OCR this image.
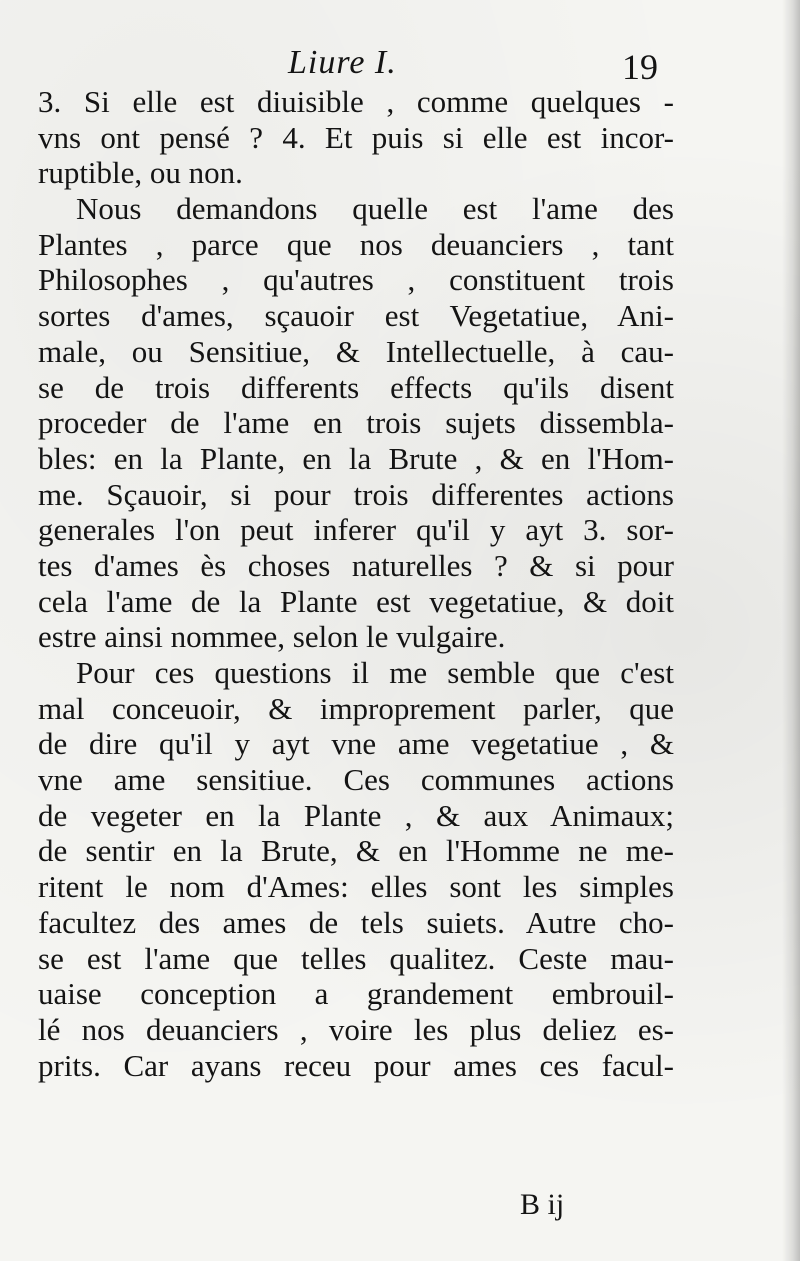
Liure I.	19
3. Si elle est diuisible , comme quelques -
vns ont pensé ? 4. Et puis si elle est incor-
ruptible, ou non.
Nous demandons quelle est l'ame des
Plantes , parce que nos deuanciers , tant
Philosophes , qu'autres , constituent trois
sortes d'ames, sçauoir est Vegetatiue, Ani-
male, ou Sensitiue, & Intellectuelle, à cau-
se de trois differents effects qu'ils disent
proceder de l'ame en trois sujets dissembla-
bles: en la Plante, en la Brute , & en l'Hom-
me. Sçauoir, si pour trois differentes actions
generales l'on peut inferer qu'il y ayt 3. sor-
tes d'ames ès choses naturelles ? & si pour
cela l'ame de la Plante est vegetatiue, & doit
estre ainsi nommee, selon le vulgaire.
Pour ces questions il me semble que c'est
mal conceuoir, & improprement parler, que
de dire qu'il y ayt vne ame vegetatiue , &
vne ame sensitiue. Ces communes actions
de vegeter en la Plante , & aux Animaux;
de sentir en la Brute, & en l'Homme ne me-
ritent le nom d'Ames: elles sont les simples
facultez des ames de tels suiets. Autre cho-
se est l'ame que telles qualitez. Ceste mau-
uaise conception a grandement embrouil-
lé nos deuanciers , voire les plus deliez es-
prits. Car ayans receu pour ames ces facul-
B ij
